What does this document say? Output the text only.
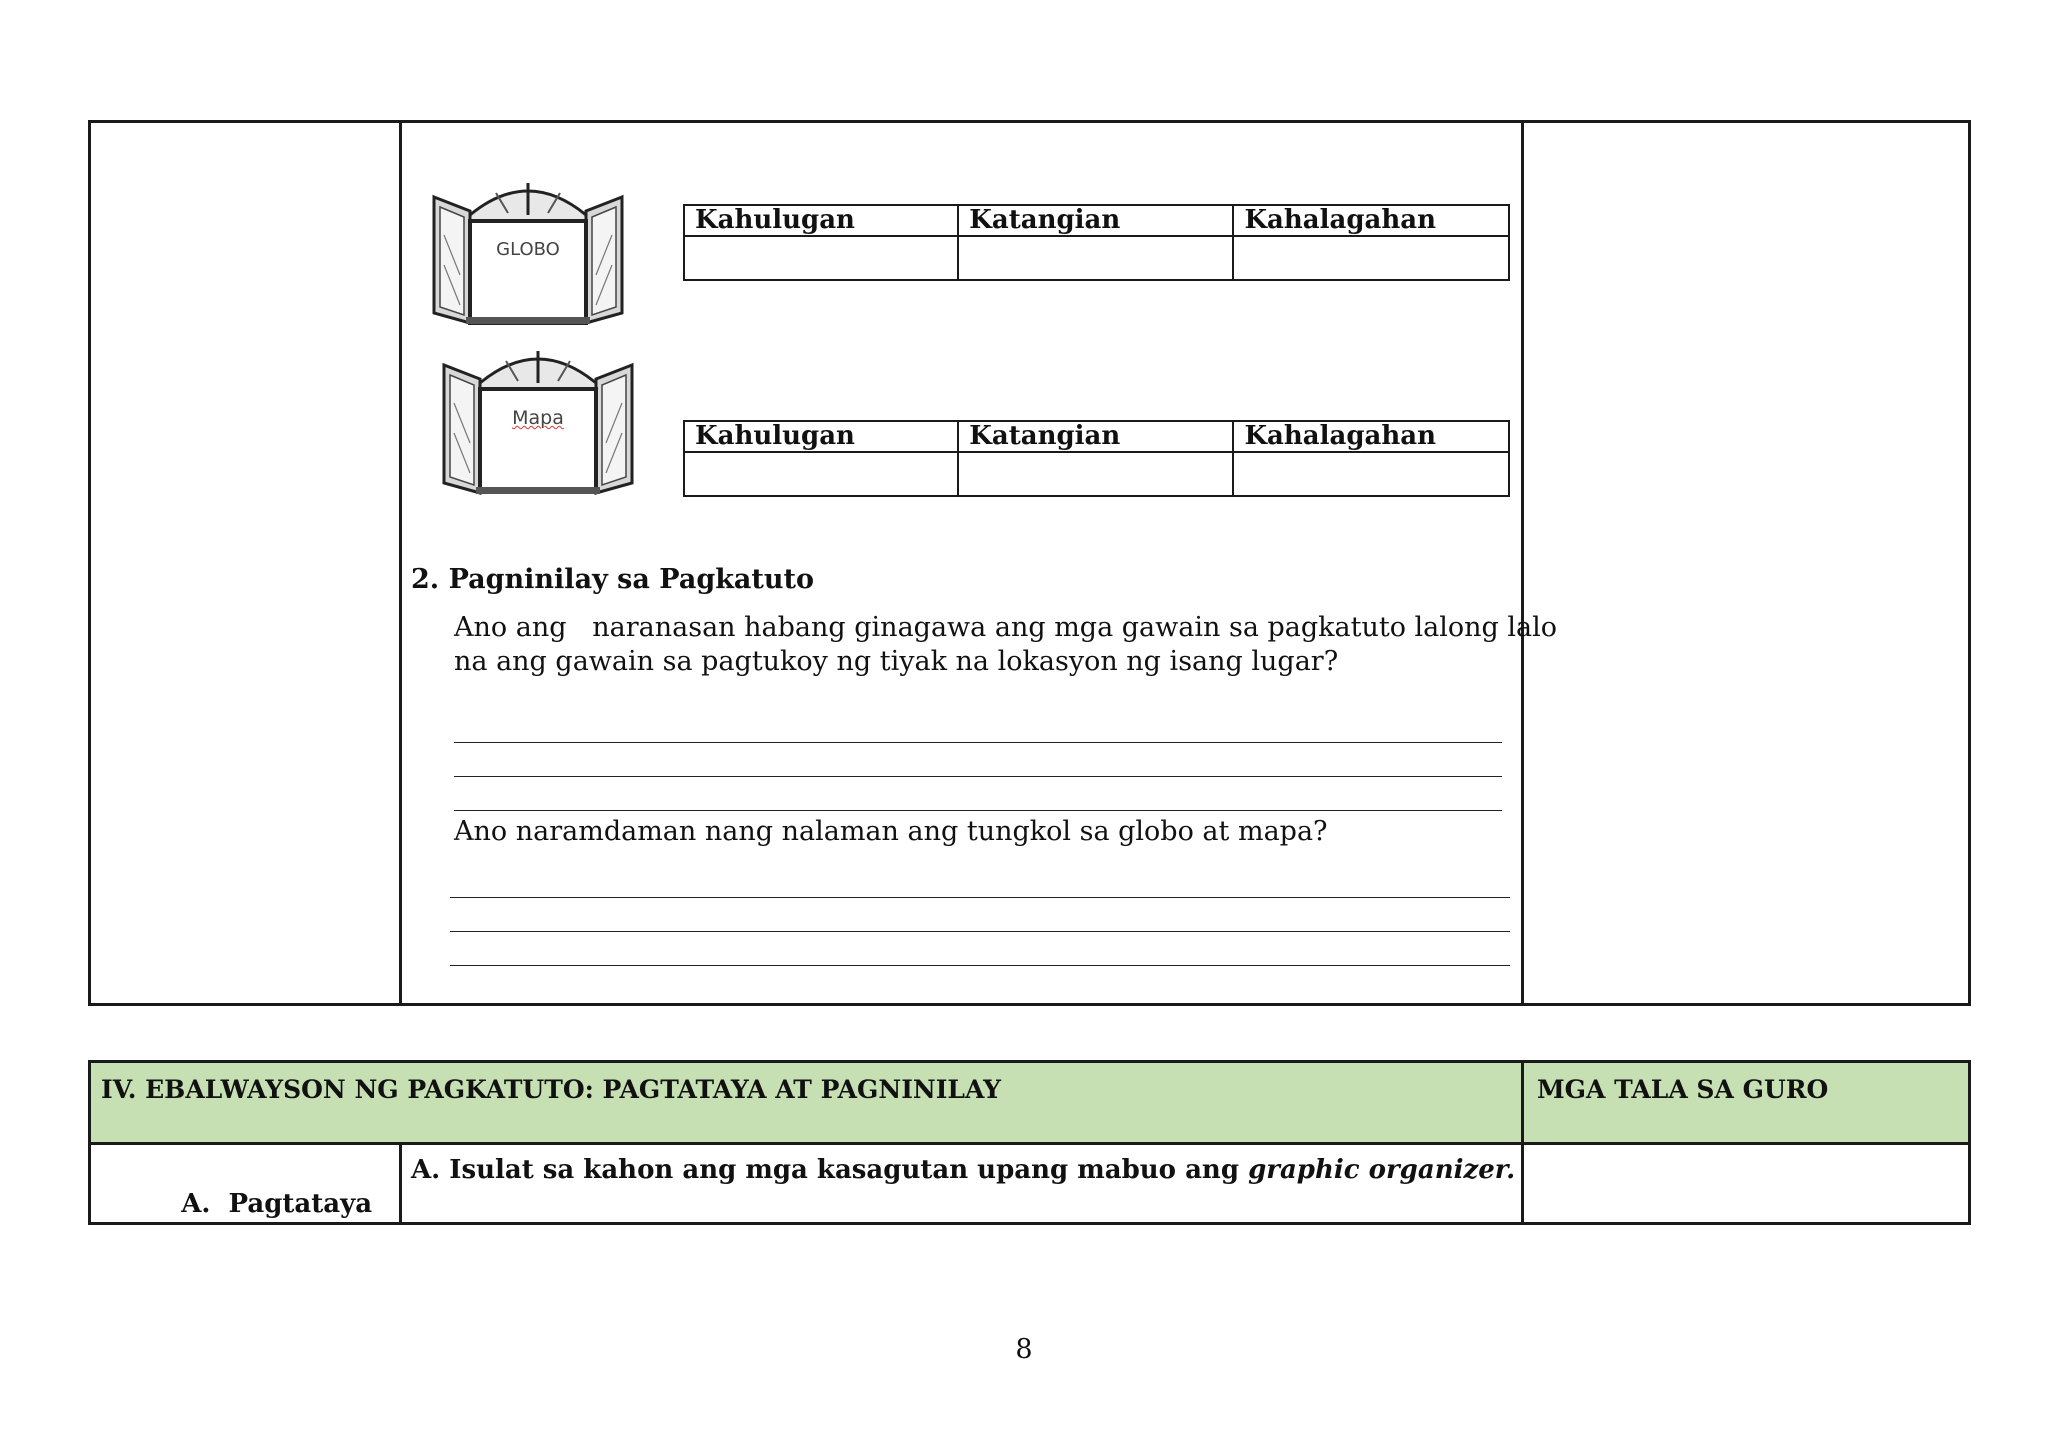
GLOBO
Kahulugan	Katangian	Kahalagahan

Mapa
Kahulugan	Katangian	Kahalagahan

2. Pagninilay sa Pagkatuto
Ano ang   naranasan habang ginagawa ang mga gawain sa pagkatuto lalong lalo
na ang gawain sa pagtukoy ng tiyak na lokasyon ng isang lugar?
Ano naramdaman nang nalaman ang tungkol sa globo at mapa?
IV. EBALWAYSON NG PAGKATUTO: PAGTATAYA AT PAGNINILAY	MGA TALA SA GURO

A.  Pagtataya

A. Isulat sa kahon ang mga kasagutan upang mabuo ang graphic organizer.
8
